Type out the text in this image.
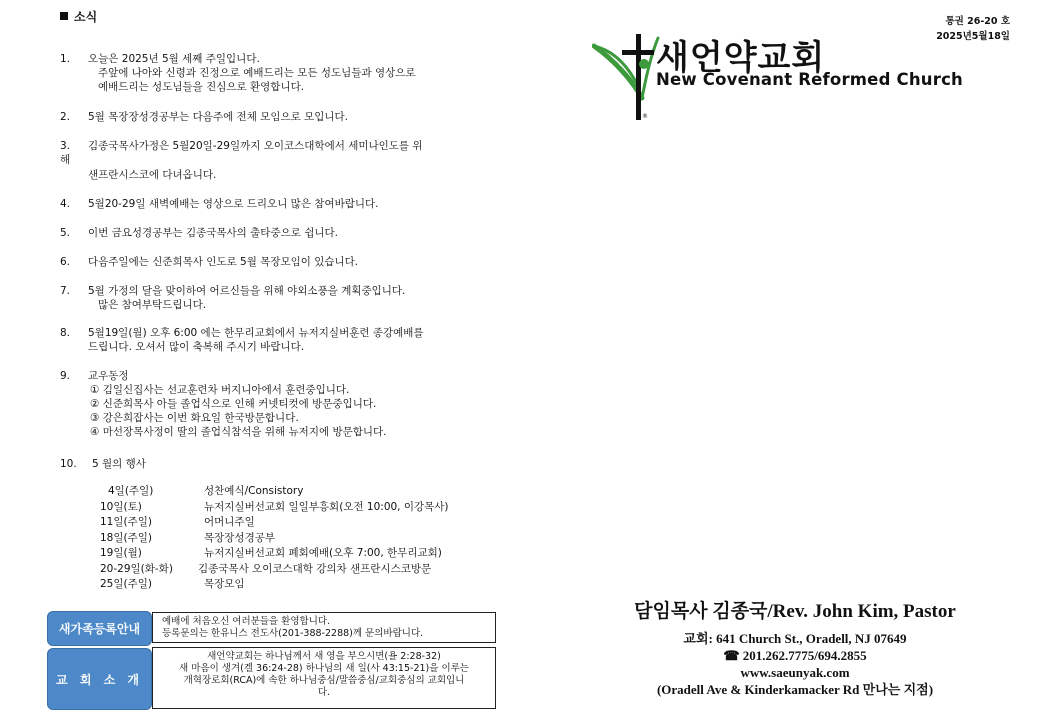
소식
1. 오늘은 2025년 5월 세째 주일입니다.
주앞에 나아와 신령과 진정으로 예배드리는 모든 성도님들과 영상으로
예배드리는 성도님들을 진심으로 환영합니다.
2. 5월 목장장성경공부는 다음주에 전체 모임으로 모입니다.
3. 김종국목사가정은 5월20일-29일까지 오이코스대학에서 세미나인도를 위
해
샌프란시스코에 다녀옵니다.
4. 5월20-29일 새벽예배는 영상으로 드리오니 많은 참여바랍니다.
5. 이번 금요성경공부는 김종국목사의 출타중으로 쉽니다.
6. 다음주일에는 신준희목사 인도로 5월 목장모임이 있습니다.
7. 5월 가정의 달을 맞이하여 어르신들을 위해 야외소풍을 계획중입니다.
많은 참여부탁드립니다.
8. 5월19일(월) 오후 6:00 에는 한무리교회에서 뉴저지실버훈련 종강예배를
드립니다. 오셔서 많이 축복해 주시기 바랍니다.
9. 교우동정
① 김일신집사는 선교훈련차 버지니아에서 훈련중입니다.
② 신준희목사 아들 졸업식으로 인해 커넷티컷에 방문중입니다.
③ 강은희잡사는 이번 화요일 한국방문합니다.
④ 마선장목사정이 딸의 졸업식참석을 위해 뉴저지에 방문합니다.
10. 5 월의 행사
4일(주일)	성찬예식/Consistory
10일(토)	뉴저지실버선교회 일일부흥회(오전 10:00, 이강목사)
11일(주일)	어머니주일
18일(주일)	목장장성경공부
19일(월)	뉴저지실버선교회 폐회예배(오후 7:00, 한무리교회)
20-29일(화-화)	김종국목사 오이코스대학 강의차 샌프란시스코방문
25일(주일)	목장모임
통권 26-20 호
2025년5월18일
®
새언약교회
New Covenant Reformed Church
담임목사 김종국/Rev. John Kim, Pastor
교회: 641 Church St., Oradell, NJ 07649
☎ 201.262.7775/694.2855
www.saeunyak.com
(Oradell Ave & Kinderkamacker Rd 만나는 지점)
새가족등록안내
예배에 처음오신 여러분들을 환영합니다.
등록문의는 한유니스 전도사(201-388-2288)께 문의바랍니다.
교 회 소 개
새언약교회는 하나님께서 새 영을 부으시면(욜 2:28-32)
새 마음이 생겨(겔 36:24-28) 하나님의 새 일(사 43:15-21)을 이루는
개혁장로회(RCA)에 속한 하나님중심/말씀중심/교회중심의 교회입니
다.
